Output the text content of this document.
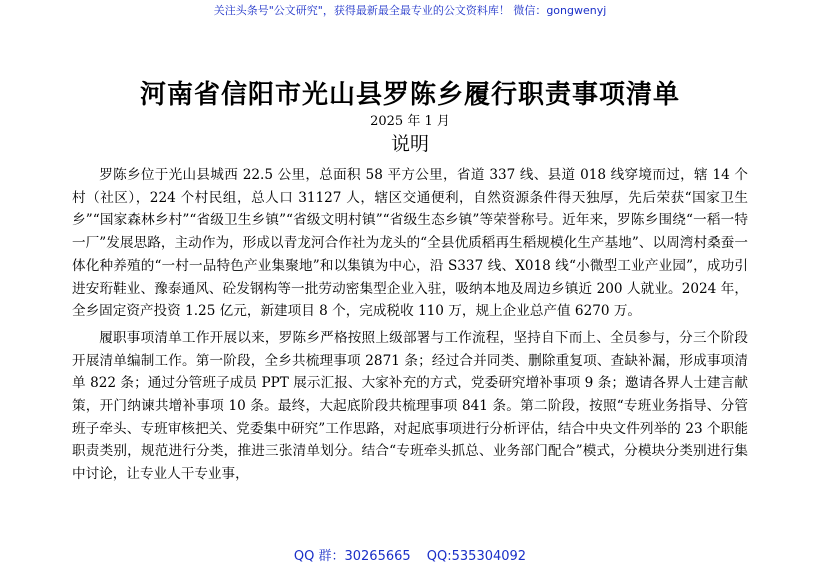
关注头条号"公文研究"，获得最新最全最专业的公文资料库！ 微信：gongwenyj
河南省信阳市光山县罗陈乡履行职责事项清单
2025 年 1 月
说明

罗陈乡位于光山县城西 22.5 公里，总面积 58 平方公里，省道 337 线、县道 018 线穿境而过，辖 14 个村（社区），224 个村民组，总人口 31127 人，辖区交通便利，自然资源条件得天独厚，先后荣获“国家卫生乡”“国家森林乡村”“省级卫生乡镇”“省级文明村镇”“省级生态乡镇”等荣誉称号。近年来，罗陈乡围绕“一稻一特一厂”发展思路，主动作为，形成以青龙河合作社为龙头的“全县优质稻再生稻规模化生产基地”、以周湾村桑蚕一体化种养殖的“一村一品特色产业集聚地”和以集镇为中心，沿 S337 线、X018 线“小微型工业产业园”，成功引进安珩鞋业、豫泰通风、砼发钢构等一批劳动密集型企业入驻，吸纳本地及周边乡镇近 200 人就业。2024 年，全乡固定资产投资 1.25 亿元，新建项目 8 个，完成税收 110 万，规上企业总产值 6270 万。

履职事项清单工作开展以来，罗陈乡严格按照上级部署与工作流程，坚持自下而上、全员参与，分三个阶段开展清单编制工作。第一阶段，全乡共梳理事项 2871 条；经过合并同类、删除重复项、查缺补漏，形成事项清单 822 条；通过分管班子成员 PPT 展示汇报、大家补充的方式，党委研究增补事项 9 条；邀请各界人士建言献策，开门纳谏共增补事项 10 条。最终，大起底阶段共梳理事项 841 条。第二阶段，按照“专班业务指导、分管班子牵头、专班审核把关、党委集中研究”工作思路，对起底事项进行分析评估，结合中央文件列举的 23 个职能职责类别，规范进行分类，推进三张清单划分。结合“专班牵头抓总、业务部门配合”模式，分模块分类别进行集中讨论，让专业人干专业事，

QQ 群：30265665 QQ:535304092
